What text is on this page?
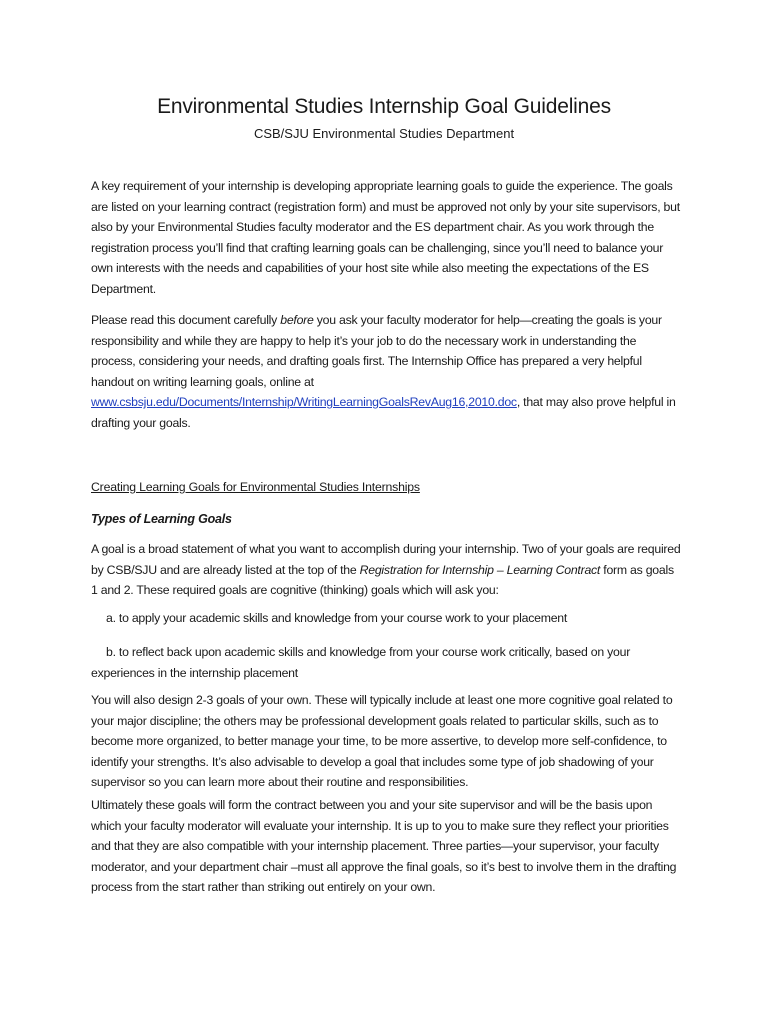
Environmental Studies Internship Goal Guidelines
CSB/SJU Environmental Studies Department

A key requirement of your internship is developing appropriate learning goals to guide the experience. The goals are listed on your learning contract (registration form) and must be approved not only by your site supervisors, but also by your Environmental Studies faculty moderator and the ES department chair. As you work through the registration process you’ll find that crafting learning goals can be challenging, since you’ll need to balance your own interests with the needs and capabilities of your host site while also meeting the expectations of the ES Department.

Please read this document carefully before you ask your faculty moderator for help—creating the goals is your responsibility and while they are happy to help it’s your job to do the necessary work in understanding the process, considering your needs, and drafting goals first. The Internship Office has prepared a very helpful handout on writing learning goals, online at www.csbsju.edu/Documents/Internship/WritingLearningGoalsRevAug16,2010.doc, that may also prove helpful in drafting your goals.

Creating Learning Goals for Environmental Studies Internships
Types of Learning Goals

A goal is a broad statement of what you want to accomplish during your internship. Two of your goals are required by CSB/SJU and are already listed at the top of the Registration for Internship – Learning Contract form as goals 1 and 2. These required goals are cognitive (thinking) goals which will ask you:

a. to apply your academic skills and knowledge from your course work to your placement

b. to reflect back upon academic skills and knowledge from your course work critically, based on your
experiences in the internship placement

You will also design 2-3 goals of your own. These will typically include at least one more cognitive goal related to your major discipline; the others may be professional development goals related to particular skills, such as to become more organized, to better manage your time, to be more assertive, to develop more self-confidence, to identify your strengths. It’s also advisable to develop a goal that includes some type of job shadowing of your supervisor so you can learn more about their routine and responsibilities.

Ultimately these goals will form the contract between you and your site supervisor and will be the basis upon which your faculty moderator will evaluate your internship. It is up to you to make sure they reflect your priorities and that they are also compatible with your internship placement. Three parties—your supervisor, your faculty moderator, and your department chair –must all approve the final goals, so it’s best to involve them in the drafting process from the start rather than striking out entirely on your own.
